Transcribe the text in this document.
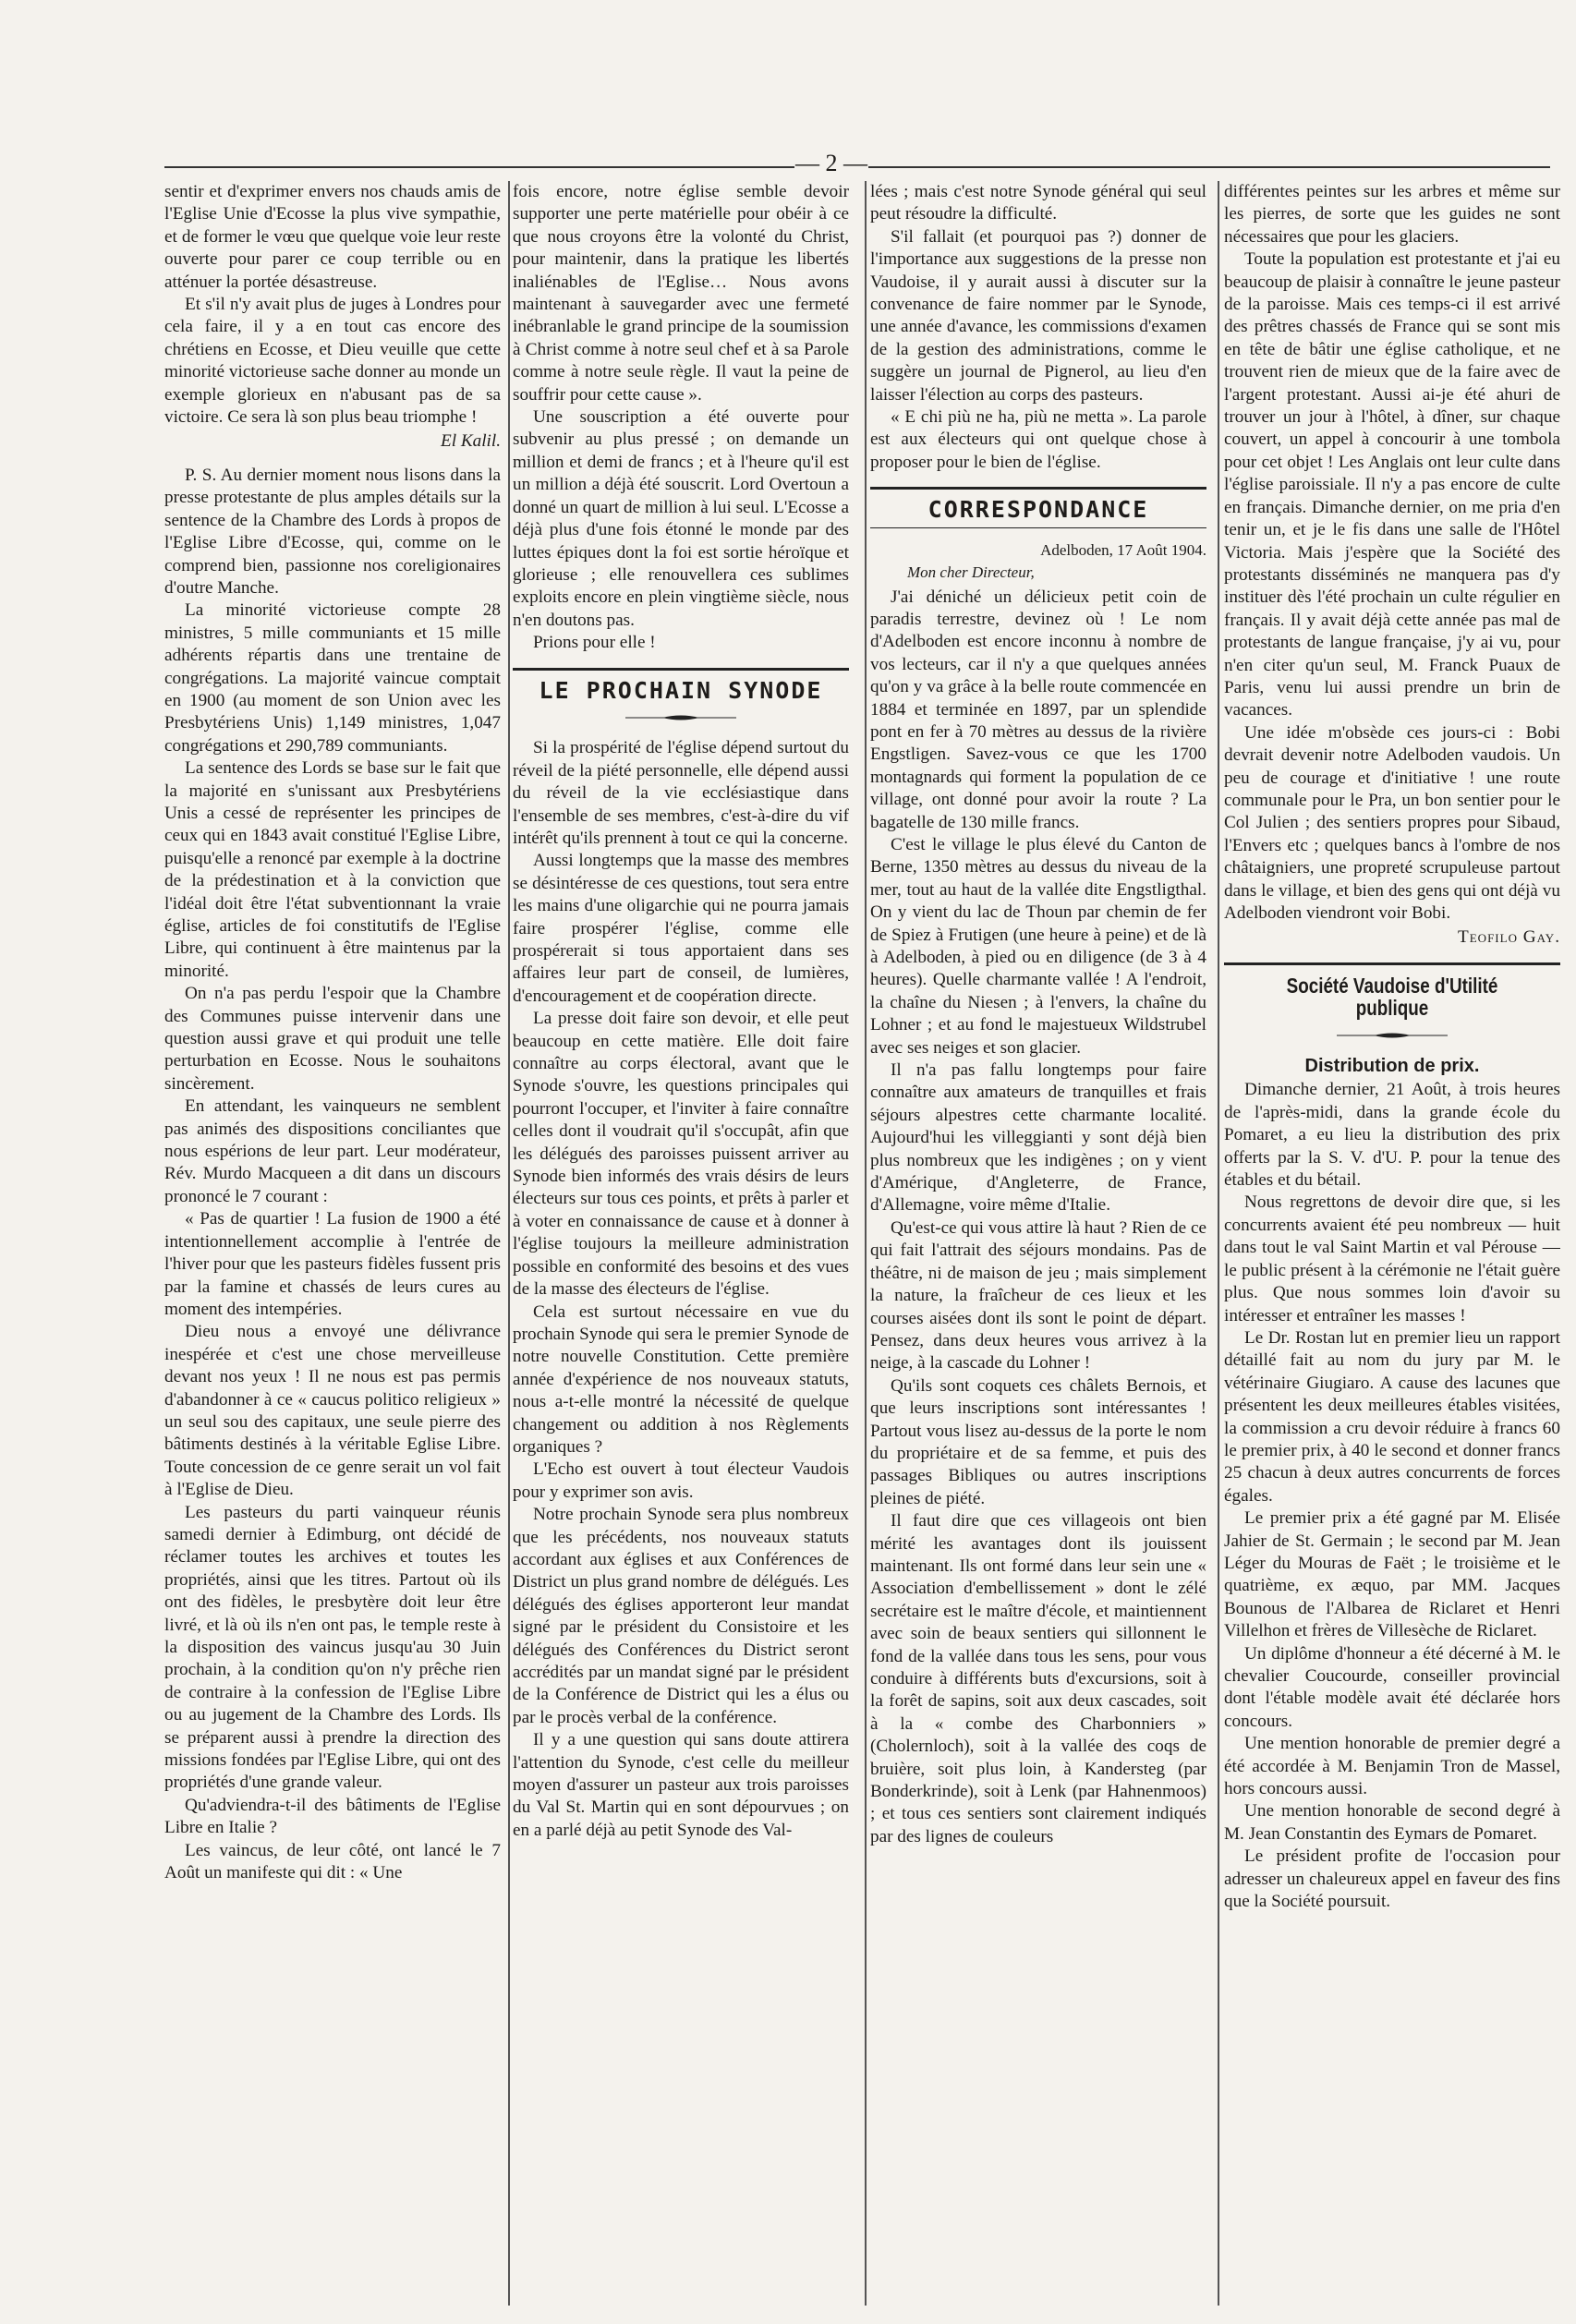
— 2 —

sentir et d'exprimer envers nos chauds amis de l'Eglise Unie d'Ecosse la plus vive sympathie, et de former le vœu que quelque voie leur reste ouverte pour parer ce coup terrible ou en atténuer la portée désastreuse.

Et s'il n'y avait plus de juges à Londres pour cela faire, il y a en tout cas encore des chrétiens en Ecosse, et Dieu veuille que cette minorité victorieuse sache donner au monde un exemple glorieux en n'abusant pas de sa victoire. Ce sera là son plus beau triomphe !

El Kalil.

P. S. Au dernier moment nous lisons dans la presse protestante de plus amples détails sur la sentence de la Chambre des Lords à propos de l'Eglise Libre d'Ecosse, qui, comme on le comprend bien, passionne nos coreligionaires d'outre Manche.

La minorité victorieuse compte 28 ministres, 5 mille communiants et 15 mille adhérents répartis dans une trentaine de congrégations. La majorité vaincue comptait en 1900 (au moment de son Union avec les Presbytériens Unis) 1,149 ministres, 1,047 congrégations et 290,789 communiants.

La sentence des Lords se base sur le fait que la majorité en s'unissant aux Presbytériens Unis a cessé de représenter les principes de ceux qui en 1843 avait constitué l'Eglise Libre, puisqu'elle a renoncé par exemple à la doctrine de la prédestination et à la conviction que l'idéal doit être l'état subventionnant la vraie église, articles de foi constitutifs de l'Eglise Libre, qui continuent à être maintenus par la minorité.

On n'a pas perdu l'espoir que la Chambre des Communes puisse intervenir dans une question aussi grave et qui produit une telle perturbation en Ecosse. Nous le souhaitons sincèrement.

En attendant, les vainqueurs ne semblent pas animés des dispositions conciliantes que nous espérions de leur part. Leur modérateur, Rév. Murdo Macqueen a dit dans un discours prononcé le 7 courant :

« Pas de quartier ! La fusion de 1900 a été intentionnellement accomplie à l'entrée de l'hiver pour que les pasteurs fidèles fussent pris par la famine et chassés de leurs cures au moment des intempéries.

Dieu nous a envoyé une délivrance inespérée et c'est une chose merveilleuse devant nos yeux ! Il ne nous est pas permis d'abandonner à ce « caucus politico religieux » un seul sou des capitaux, une seule pierre des bâtiments destinés à la véritable Eglise Libre. Toute concession de ce genre serait un vol fait à l'Eglise de Dieu.

Les pasteurs du parti vainqueur réunis samedi dernier à Edimburg, ont décidé de réclamer toutes les archives et toutes les propriétés, ainsi que les titres. Partout où ils ont des fidèles, le presbytère doit leur être livré, et là où ils n'en ont pas, le temple reste à la disposition des vaincus jusqu'au 30 Juin prochain, à la condition qu'on n'y prêche rien de contraire à la confession de l'Eglise Libre ou au jugement de la Chambre des Lords. Ils se préparent aussi à prendre la direction des missions fondées par l'Eglise Libre, qui ont des propriétés d'une grande valeur.

Qu'adviendra-t-il des bâtiments de l'Eglise Libre en Italie ?

Les vaincus, de leur côté, ont lancé le 7 Août un manifeste qui dit : « Une

fois encore, notre église semble devoir supporter une perte matérielle pour obéir à ce que nous croyons être la volonté du Christ, pour maintenir, dans la pratique les libertés inaliénables de l'Eglise… Nous avons maintenant à sauvegarder avec une fermeté inébranlable le grand principe de la soumission à Christ comme à notre seul chef et à sa Parole comme à notre seule règle. Il vaut la peine de souffrir pour cette cause ».

Une souscription a été ouverte pour subvenir au plus pressé ; on demande un million et demi de francs ; et à l'heure qu'il est un million a déjà été souscrit. Lord Overtoun a donné un quart de million à lui seul. L'Ecosse a déjà plus d'une fois étonné le monde par des luttes épiques dont la foi est sortie héroïque et glorieuse ; elle renouvellera ces sublimes exploits encore en plein vingtième siècle, nous n'en doutons pas.

Prions pour elle !

LE PROCHAIN SYNODE

Si la prospérité de l'église dépend surtout du réveil de la piété personnelle, elle dépend aussi du réveil de la vie ecclésiastique dans l'ensemble de ses membres, c'est-à-dire du vif intérêt qu'ils prennent à tout ce qui la concerne.

Aussi longtemps que la masse des membres se désintéresse de ces questions, tout sera entre les mains d'une oligarchie qui ne pourra jamais faire prospérer l'église, comme elle prospérerait si tous apportaient dans ses affaires leur part de conseil, de lumières, d'encouragement et de coopération directe.

La presse doit faire son devoir, et elle peut beaucoup en cette matière. Elle doit faire connaître au corps électoral, avant que le Synode s'ouvre, les questions principales qui pourront l'occuper, et l'inviter à faire connaître celles dont il voudrait qu'il s'occupât, afin que les délégués des paroisses puissent arriver au Synode bien informés des vrais désirs de leurs électeurs sur tous ces points, et prêts à parler et à voter en connaissance de cause et à donner à l'église toujours la meilleure administration possible en conformité des besoins et des vues de la masse des électeurs de l'église.

Cela est surtout nécessaire en vue du prochain Synode qui sera le premier Synode de notre nouvelle Constitution. Cette première année d'expérience de nos nouveaux statuts, nous a-t-elle montré la nécessité de quelque changement ou addition à nos Règlements organiques ?

L'Echo est ouvert à tout électeur Vaudois pour y exprimer son avis.

Notre prochain Synode sera plus nombreux que les précédents, nos nouveaux statuts accordant aux églises et aux Conférences de District un plus grand nombre de délégués. Les délégués des églises apporteront leur mandat signé par le président du Consistoire et les délégués des Conférences du District seront accrédités par un mandat signé par le président de la Conférence de District qui les a élus ou par le procès verbal de la conférence.

Il y a une question qui sans doute attirera l'attention du Synode, c'est celle du meilleur moyen d'assurer un pasteur aux trois paroisses du Val St. Martin qui en sont dépourvues ; on en a parlé déjà au petit Synode des Val-

lées ; mais c'est notre Synode général qui seul peut résoudre la difficulté.

S'il fallait (et pourquoi pas ?) donner de l'importance aux suggestions de la presse non Vaudoise, il y aurait aussi à discuter sur la convenance de faire nommer par le Synode, une année d'avance, les commissions d'examen de la gestion des administrations, comme le suggère un journal de Pignerol, au lieu d'en laisser l'élection au corps des pasteurs.

« E chi più ne ha, più ne metta ». La parole est aux électeurs qui ont quelque chose à proposer pour le bien de l'église.

CORRESPONDANCE
Adelboden, 17 Août 1904.
Mon cher Directeur,

J'ai déniché un délicieux petit coin de paradis terrestre, devinez où ! Le nom d'Adelboden est encore inconnu à nombre de vos lecteurs, car il n'y a que quelques années qu'on y va grâce à la belle route commencée en 1884 et terminée en 1897, par un splendide pont en fer à 70 mètres au dessus de la rivière Engstligen. Savez-vous ce que les 1700 montagnards qui forment la population de ce village, ont donné pour avoir la route ? La bagatelle de 130 mille francs.

C'est le village le plus élevé du Canton de Berne, 1350 mètres au dessus du niveau de la mer, tout au haut de la vallée dite Engstligthal. On y vient du lac de Thoun par chemin de fer de Spiez à Frutigen (une heure à peine) et de là à Adelboden, à pied ou en diligence (de 3 à 4 heures). Quelle charmante vallée ! A l'endroit, la chaîne du Niesen ; à l'envers, la chaîne du Lohner ; et au fond le majestueux Wildstrubel avec ses neiges et son glacier.

Il n'a pas fallu longtemps pour faire connaître aux amateurs de tranquilles et frais séjours alpestres cette charmante localité. Aujourd'hui les villeggianti y sont déjà bien plus nombreux que les indigènes ; on y vient d'Amérique, d'Angleterre, de France, d'Allemagne, voire même d'Italie.

Qu'est-ce qui vous attire là haut ? Rien de ce qui fait l'attrait des séjours mondains. Pas de théâtre, ni de maison de jeu ; mais simplement la nature, la fraîcheur de ces lieux et les courses aisées dont ils sont le point de départ. Pensez, dans deux heures vous arrivez à la neige, à la cascade du Lohner !

Qu'ils sont coquets ces châlets Bernois, et que leurs inscriptions sont intéressantes ! Partout vous lisez au-dessus de la porte le nom du propriétaire et de sa femme, et puis des passages Bibliques ou autres inscriptions pleines de piété.

Il faut dire que ces villageois ont bien mérité les avantages dont ils jouissent maintenant. Ils ont formé dans leur sein une « Association d'embellissement » dont le zélé secrétaire est le maître d'école, et maintiennent avec soin de beaux sentiers qui sillonnent le fond de la vallée dans tous les sens, pour vous conduire à différents buts d'excursions, soit à la forêt de sapins, soit aux deux cascades, soit à la « combe des Charbonniers » (Cholernloch), soit à la vallée des coqs de bruière, soit plus loin, à Kandersteg (par Bonderkrinde), soit à Lenk (par Hahnenmoos) ; et tous ces sentiers sont clairement indiqués par des lignes de couleurs

différentes peintes sur les arbres et même sur les pierres, de sorte que les guides ne sont nécessaires que pour les glaciers.

Toute la population est protestante et j'ai eu beaucoup de plaisir à connaître le jeune pasteur de la paroisse. Mais ces temps-ci il est arrivé des prêtres chassés de France qui se sont mis en tête de bâtir une église catholique, et ne trouvent rien de mieux que de la faire avec de l'argent protestant. Aussi ai-je été ahuri de trouver un jour à l'hôtel, à dîner, sur chaque couvert, un appel à concourir à une tombola pour cet objet ! Les Anglais ont leur culte dans l'église paroissiale. Il n'y a pas encore de culte en français. Dimanche dernier, on me pria d'en tenir un, et je le fis dans une salle de l'Hôtel Victoria. Mais j'espère que la Société des protestants disséminés ne manquera pas d'y instituer dès l'été prochain un culte régulier en français. Il y avait déjà cette année pas mal de protestants de langue française, j'y ai vu, pour n'en citer qu'un seul, M. Franck Puaux de Paris, venu lui aussi prendre un brin de vacances.

Une idée m'obsède ces jours-ci : Bobi devrait devenir notre Adelboden vaudois. Un peu de courage et d'initiative ! une route communale pour le Pra, un bon sentier pour le Col Julien ; des sentiers propres pour Sibaud, l'Envers etc ; quelques bancs à l'ombre de nos châtaigniers, une propreté scrupuleuse partout dans le village, et bien des gens qui ont déjà vu Adelboden viendront voir Bobi.

Teofilo Gay.
Société Vaudoise d'Utilité publique
Distribution de prix.

Dimanche dernier, 21 Août, à trois heures de l'après-midi, dans la grande école du Pomaret, a eu lieu la distribution des prix offerts par la S. V. d'U. P. pour la tenue des étables et du bétail.

Nous regrettons de devoir dire que, si les concurrents avaient été peu nombreux — huit dans tout le val Saint Martin et val Pérouse — le public présent à la cérémonie ne l'était guère plus. Que nous sommes loin d'avoir su intéresser et entraîner les masses !

Le Dr. Rostan lut en premier lieu un rapport détaillé fait au nom du jury par M. le vétérinaire Giugiaro. A cause des lacunes que présentent les deux meilleures étables visitées, la commission a cru devoir réduire à francs 60 le premier prix, à 40 le second et donner francs 25 chacun à deux autres concurrents de forces égales.

Le premier prix a été gagné par M. Elisée Jahier de St. Germain ; le second par M. Jean Léger du Mouras de Faët ; le troisième et le quatrième, ex æquo, par MM. Jacques Bounous de l'Albarea de Riclaret et Henri Villelhon et frères de Villesèche de Riclaret.

Un diplôme d'honneur a été décerné à M. le chevalier Coucourde, conseiller provincial dont l'étable modèle avait été déclarée hors concours.

Une mention honorable de premier degré a été accordée à M. Benjamin Tron de Massel, hors concours aussi.

Une mention honorable de second degré à M. Jean Constantin des Eymars de Pomaret.

Le président profite de l'occasion pour adresser un chaleureux appel en faveur des fins que la Société poursuit.
